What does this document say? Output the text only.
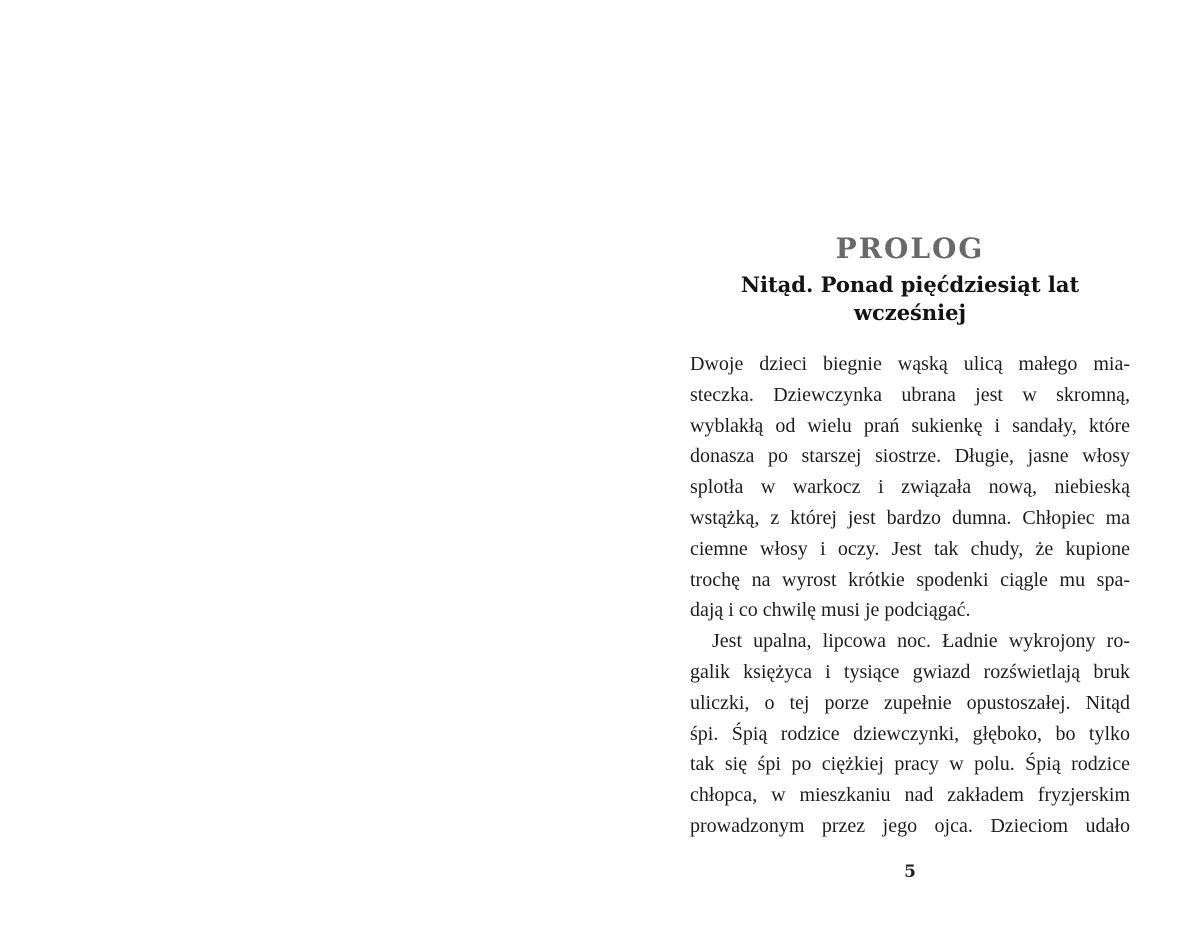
PROLOG
Nitąd. Ponad pięćdziesiąt lat wcześniej
Dwoje dzieci biegnie wąską ulicą małego mia-
steczka. Dziewczynka ubrana jest w skromną,
wyblakłą od wielu prań sukienkę i sandały, które
donasza po starszej siostrze. Długie, jasne włosy
splotła w warkocz i związała nową, niebieską
wstążką, z której jest bardzo dumna. Chłopiec ma
ciemne włosy i oczy. Jest tak chudy, że kupione
trochę na wyrost krótkie spodenki ciągle mu spa-
dają i co chwilę musi je podciągać.
Jest upalna, lipcowa noc. Ładnie wykrojony ro-
galik księżyca i tysiące gwiazd rozświetlają bruk
uliczki, o tej porze zupełnie opustoszałej. Nitąd
śpi. Śpią rodzice dziewczynki, głęboko, bo tylko
tak się śpi po ciężkiej pracy w polu. Śpią rodzice
chłopca, w mieszkaniu nad zakładem fryzjerskim
prowadzonym przez jego ojca. Dzieciom udało
5
